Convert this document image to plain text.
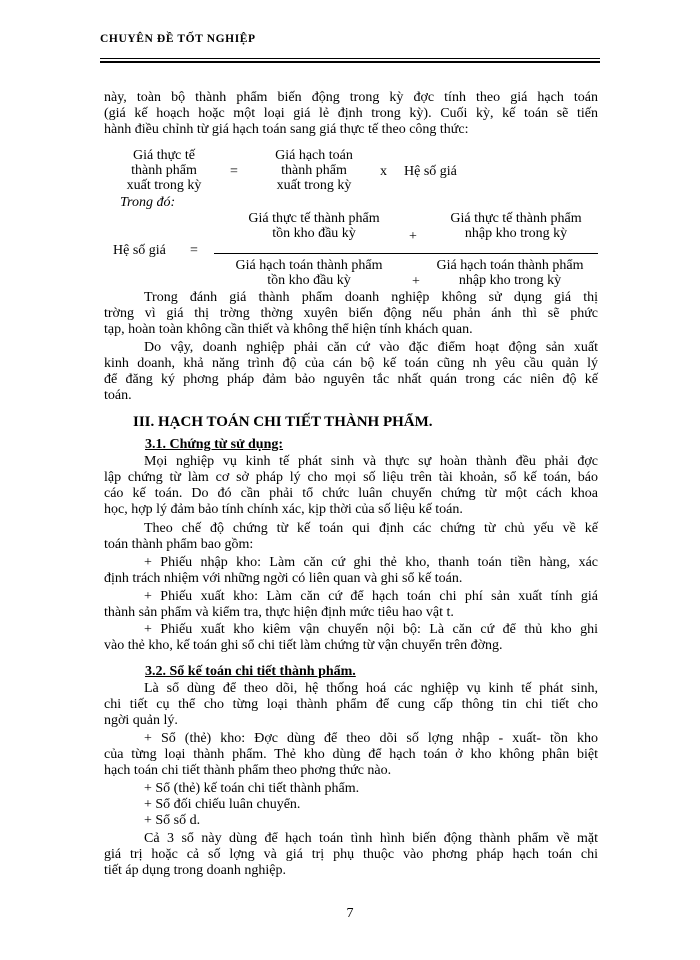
CHUYÊN ĐỀ TỐT NGHIỆP
này, toàn bộ thành phẩm biến động trong kỳ đợc tính theo giá hạch toán
(giá kế hoạch hoặc một loại giá lẻ định trong kỳ). Cuối kỳ, kế toán sẽ tiến
hành điều chỉnh từ giá hạch toán sang giá thực tế theo công thức:
Giá thực tế
thành phẩm
xuất trong kỳ
=
Giá hạch toán
thành phẩm
xuất trong kỳ
x Hệ số giá
Trong đó:
Hệ số giá =
Giá thực tế thành phẩm
tồn kho đầu kỳ	+
Giá thực tế thành phẩm
nhập kho trong kỳ
Giá hạch toán thành phẩm
tồn kho đầu kỳ	+
Giá hạch toán thành phẩm
nhập kho trong kỳ
Trong đánh giá thành phẩm doanh nghiệp không sử dụng giá thị
trờng vì giá thị trờng thờng xuyên biến động nếu phản ánh thì sẽ phức
tạp, hoàn toàn không cần thiết và không thể hiện tính khách quan.
Do vậy, doanh nghiệp phải căn cứ vào đặc điểm hoạt động sản xuất
kinh doanh, khả năng trình độ của cán bộ kế toán cũng nh yêu cầu quản lý
để đăng ký phơng pháp đảm bảo nguyên tắc nhất quán trong các niên độ kế
toán.
III. HẠCH TOÁN CHI TIẾT THÀNH PHẨM.
3.1. Chứng từ sử dụng:
Mọi nghiệp vụ kinh tế phát sinh và thực sự hoàn thành đều phải đợc
lập chứng từ làm cơ sở pháp lý cho mọi số liệu trên tài khoản, sổ kế toán, báo
cáo kế toán. Do đó cần phải tổ chức luân chuyển chứng từ một cách khoa
học, hợp lý đảm bảo tính chính xác, kịp thời của số liệu kế toán.
Theo chế độ chứng từ kế toán qui định các chứng từ chủ yếu về kế
toán thành phẩm bao gồm:
+ Phiếu nhập kho: Làm căn cứ ghi thẻ kho, thanh toán tiền hàng, xác
định trách nhiệm với những ngời có liên quan và ghi sổ kế toán.
+ Phiếu xuất kho: Làm căn cứ để hạch toán chi phí sản xuất tính giá
thành sản phẩm và kiểm tra, thực hiện định mức tiêu hao vật t.
+ Phiếu xuất kho kiêm vận chuyển nội bộ: Là căn cứ để thủ kho ghi
vào thẻ kho, kế toán ghi sổ chi tiết làm chứng từ vận chuyển trên đờng.
3.2. Sổ kế toán chi tiết thành phẩm.
Là sổ dùng để theo dõi, hệ thống hoá các nghiệp vụ kinh tế phát sinh,
chi tiết cụ thể cho từng loại thành phẩm để cung cấp thông tin chi tiết cho
ngời quản lý.
+ Sổ (thẻ) kho: Đợc dùng để theo dõi số lợng nhập - xuất- tồn kho
của từng loại thành phẩm. Thẻ kho dùng để hạch toán ở kho không phân biệt
hạch toán chi tiết thành phẩm theo phơng thức nào.
+ Sổ (thẻ) kế toán chi tiết thành phẩm.
+ Sổ đối chiếu luân chuyển.
+ Sổ số d.
Cả 3 sổ này dùng để hạch toán tình hình biến động thành phẩm về mặt
giá trị hoặc cả số lợng và giá trị phụ thuộc vào phơng pháp hạch toán chi
tiết áp dụng trong doanh nghiệp.
7
